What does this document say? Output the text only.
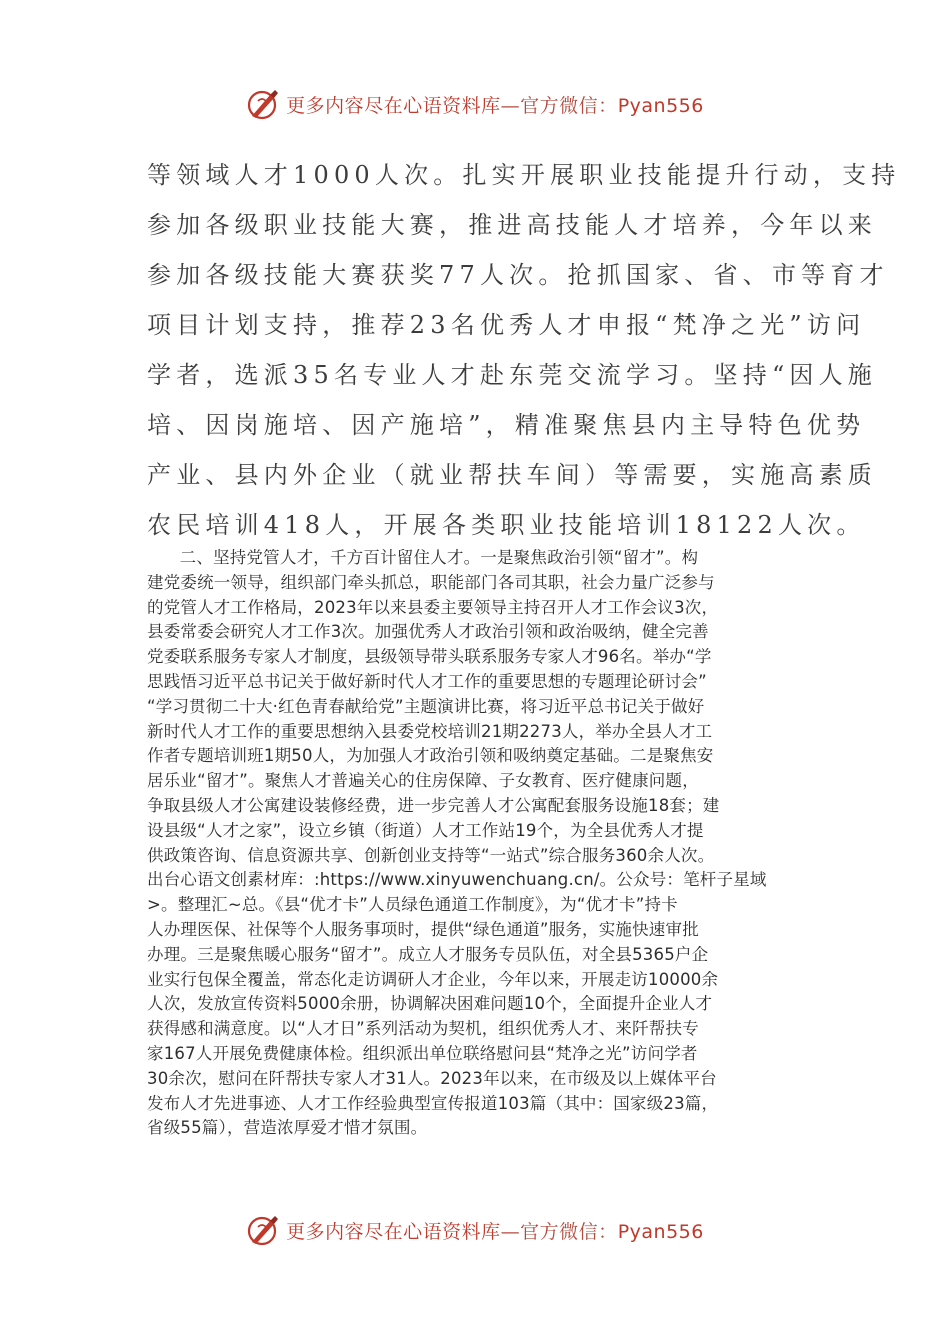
更多内容尽在心语资料库—官方微信：Pyan556

等领域人才1000人次。扎实开展职业技能提升行动，支持

参加各级职业技能大赛，推进高技能人才培养，今年以来

参加各级技能大赛获奖77人次。抢抓国家、省、市等育才

项目计划支持，推荐23名优秀人才申报“梵净之光”访问

学者，选派35名专业人才赴东莞交流学习。坚持“因人施

培、因岗施培、因产施培”，精准聚焦县内主导特色优势

产业、县内外企业（就业帮扶车间）等需要，实施高素质

农民培训418人，开展各类职业技能培训18122人次。

二、坚持党管人才，千方百计留住人才。一是聚焦政治引领“留才”。构

建党委统一领导，组织部门牵头抓总，职能部门各司其职，社会力量广泛参与

的党管人才工作格局，2023年以来县委主要领导主持召开人才工作会议3次，

县委常委会研究人才工作3次。加强优秀人才政治引领和政治吸纳，健全完善

党委联系服务专家人才制度，县级领导带头联系服务专家人才96名。举办“学

思践悟习近平总书记关于做好新时代人才工作的重要思想的专题理论研讨会”

“学习贯彻二十大·红色青春献给党”主题演讲比赛，将习近平总书记关于做好

新时代人才工作的重要思想纳入县委党校培训21期2273人，举办全县人才工

作者专题培训班1期50人，为加强人才政治引领和吸纳奠定基础。二是聚焦安

居乐业“留才”。聚焦人才普遍关心的住房保障、子女教育、医疗健康问题，

争取县级人才公寓建设装修经费，进一步完善人才公寓配套服务设施18套；建

设县级“人才之家”，设立乡镇（街道）人才工作站19个，为全县优秀人才提

供政策咨询、信息资源共享、创新创业支持等“一站式”综合服务360余人次。

出台心语文创素材库：:https://www.xinyuwenchuang.cn/。公众号：笔杆子星域

>。整理汇~总。《县“优才卡”人员绿色通道工作制度》，为“优才卡”持卡

人办理医保、社保等个人服务事项时，提供“绿色通道”服务，实施快速审批

办理。三是聚焦暖心服务“留才”。成立人才服务专员队伍，对全县5365户企

业实行包保全覆盖，常态化走访调研人才企业，今年以来，开展走访10000余

人次，发放宣传资料5000余册，协调解决困难问题10个，全面提升企业人才

获得感和满意度。以“人才日”系列活动为契机，组织优秀人才、来阡帮扶专

家167人开展免费健康体检。组织派出单位联络慰问县“梵净之光”访问学者

30余次，慰问在阡帮扶专家人才31人。2023年以来，在市级及以上媒体平台

发布人才先进事迹、人才工作经验典型宣传报道103篇（其中：国家级23篇，

省级55篇），营造浓厚爱才惜才氛围。

更多内容尽在心语资料库—官方微信：Pyan556
